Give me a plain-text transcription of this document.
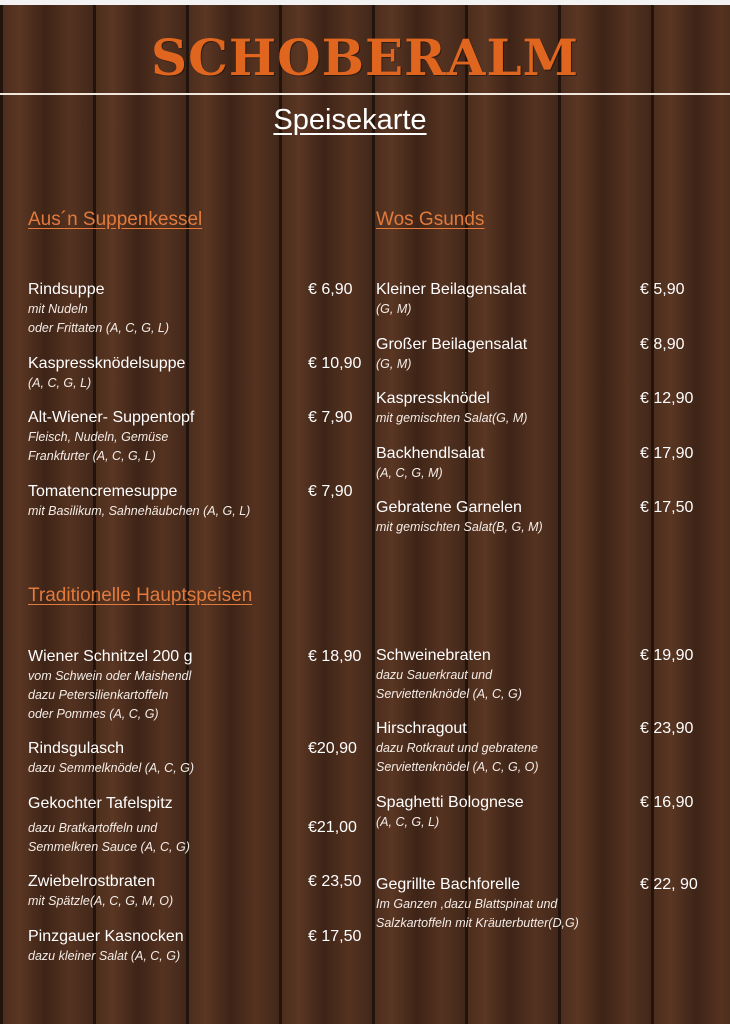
SCHOBERALM
Speisekarte
Aus´n Suppenkessel	Wos Gsunds
Traditionelle Hauptspeisen
Rindsuppe
mit Nudeln
oder Frittaten (A, C, G, L)
€ 6,90
Kaspressknödelsuppe
(A, C, G, L)
€ 10,90
Alt-Wiener- Suppentopf
Fleisch, Nudeln, Gemüse
Frankfurter (A, C, G, L)
€ 7,90
Tomatencremesuppe
mit Basilikum, Sahnehäubchen (A, G, L)
€ 7,90
Kleiner Beilagensalat
(G, M)
€ 5,90
Großer Beilagensalat
(G, M)
€ 8,90
Kaspressknödel
mit gemischten Salat(G, M)
€ 12,90
Backhendlsalat
(A, C, G, M)
€ 17,90
Gebratene Garnelen
mit gemischten Salat(B, G, M)
€ 17,50
Wiener Schnitzel 200 g
vom Schwein oder Maishendl
dazu Petersilienkartoffeln
oder Pommes (A, C, G)
€ 18,90
Rindsgulasch
dazu Semmelknödel (A, C, G)
€20,90
Gekochter Tafelspitz
dazu Bratkartoffeln und
Semmelkren Sauce (A, C, G)
€21,00
Zwiebelrostbraten
mit Spätzle(A, C, G, M, O)
€ 23,50
Pinzgauer Kasnocken
dazu kleiner Salat (A, C, G)
€ 17,50
Schweinebraten
dazu Sauerkraut und
Serviettenknödel (A, C, G)
€ 19,90
Hirschragout
dazu Rotkraut und gebratene
Serviettenknödel (A, C, G, O)
€ 23,90
Spaghetti Bolognese
(A, C, G, L)
€ 16,90
Gegrillte Bachforelle
Im Ganzen ,dazu Blattspinat und
Salzkartoffeln mit Kräuterbutter(D,G)
€ 22, 90
